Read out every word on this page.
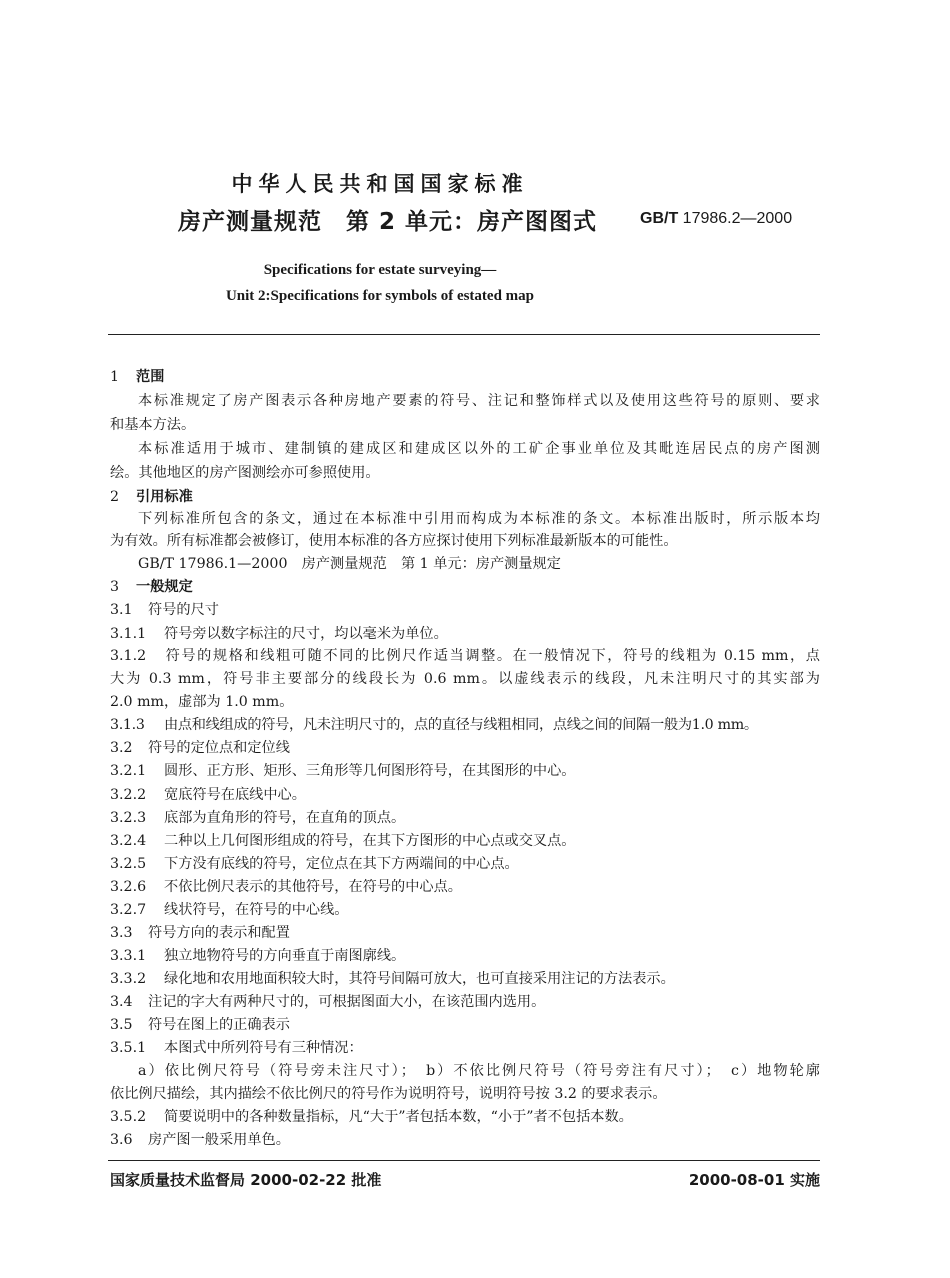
中华人民共和国国家标准
房产测量规范　第 2 单元：房产图图式	GB/T 17986.2—2000
Specifications for estate surveying—
Unit 2:Specifications for symbols of estated map
1 范围
本标准规定了房产图表示各种房地产要素的符号、注记和整饰样式以及使用这些符号的原则、要求
和基本方法。
本标准适用于城市、建制镇的建成区和建成区以外的工矿企事业单位及其毗连居民点的房产图测
绘。其他地区的房产图测绘亦可参照使用。
2 引用标准
下列标准所包含的条文，通过在本标准中引用而构成为本标准的条文。本标准出版时，所示版本均
为有效。所有标准都会被修订，使用本标准的各方应探讨使用下列标准最新版本的可能性。
GB/T 17986.1—2000　房产测量规范　第 1 单元：房产测量规定
3 一般规定
3.1 符号的尺寸
3.1.1 符号旁以数字标注的尺寸，均以毫米为单位。
3.1.2 符号的规格和线粗可随不同的比例尺作适当调整。在一般情况下，符号的线粗为 0.15 mm，点
大为 0.3 mm，符号非主要部分的线段长为 0.6 mm。以虚线表示的线段，凡未注明尺寸的其实部为
2.0 mm，虚部为 1.0 mm。
3.1.3 由点和线组成的符号，凡未注明尺寸的，点的直径与线粗相同，点线之间的间隔一般为1.0 mm。
3.2 符号的定位点和定位线
3.2.1 圆形、正方形、矩形、三角形等几何图形符号，在其图形的中心。
3.2.2 宽底符号在底线中心。
3.2.3 底部为直角形的符号，在直角的顶点。
3.2.4 二种以上几何图形组成的符号，在其下方图形的中心点或交叉点。
3.2.5 下方没有底线的符号，定位点在其下方两端间的中心点。
3.2.6 不依比例尺表示的其他符号，在符号的中心点。
3.2.7 线状符号，在符号的中心线。
3.3 符号方向的表示和配置
3.3.1 独立地物符号的方向垂直于南图廓线。
3.3.2 绿化地和农用地面积较大时，其符号间隔可放大，也可直接采用注记的方法表示。
3.4 注记的字大有两种尺寸的，可根据图面大小，在该范围内选用。
3.5 符号在图上的正确表示
3.5.1 本图式中所列符号有三种情况：
a）依比例尺符号（符号旁未注尺寸）；　b）不依比例尺符号（符号旁注有尺寸）；　c）地物轮廓
依比例尺描绘，其内描绘不依比例尺的符号作为说明符号，说明符号按 3.2 的要求表示。
3.5.2 简要说明中的各种数量指标，凡“大于”者包括本数，“小于”者不包括本数。
3.6 房产图一般采用单色。
国家质量技术监督局 2000-02-22 批准	2000-08-01 实施
